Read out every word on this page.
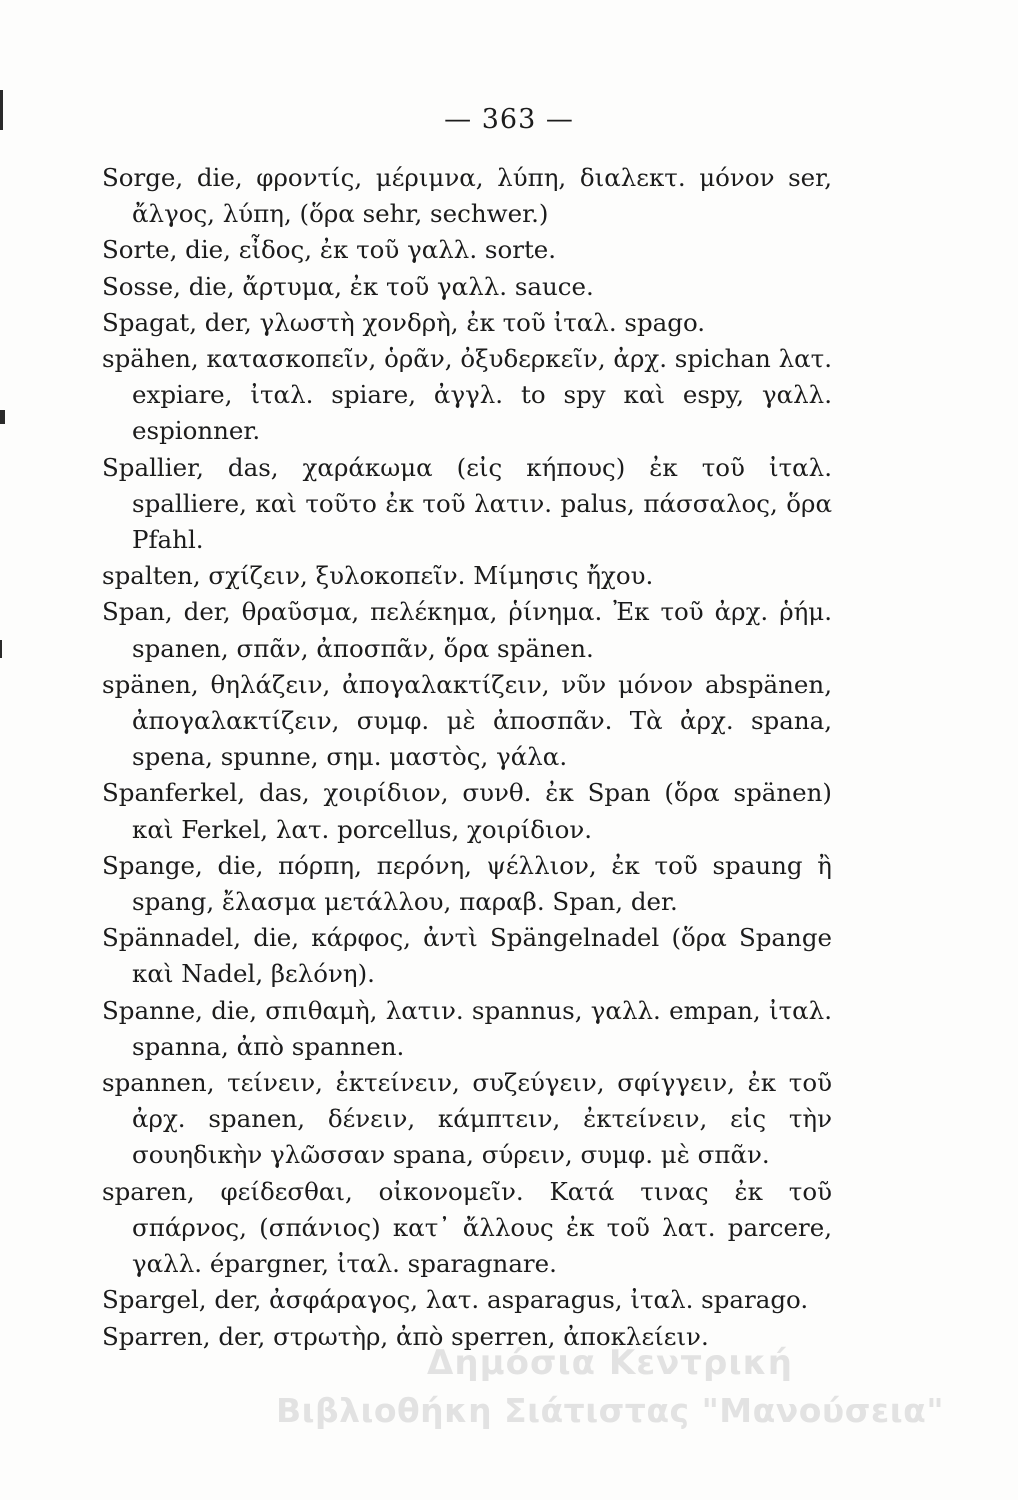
— 363 —

Sorge, die, φροντίς, μέριμνα, λύπη, διαλεκτ. μόνον ser, ἄλγος, λύπη, (ὅρα sehr, sechwer.)

Sorte, die, εἶδος, ἐκ τοῦ γαλλ. sorte.

Sosse, die, ἄρτυμα, ἐκ τοῦ γαλλ. sauce.

Spagat, der, γλωστὴ χονδρὴ, ἐκ τοῦ ἰταλ. spago.

spähen, κατασκοπεῖν, ὁρᾶν, ὀξυδερκεῖν, ἀρχ. spichan λατ. expiare, ἰταλ. spiare, ἀγγλ. to spy καὶ espy, γαλλ. espionner.

Spallier, das, χαράκωμα (εἰς κήπους) ἐκ τοῦ ἰταλ. spalliere, καὶ τοῦτο ἐκ τοῦ λατιν. palus, πάσσαλος, ὅρα Pfahl.

spalten, σχίζειν, ξυλοκοπεῖν. Μίμησις ἤχου.

Span, der, θραῦσμα, πελέκημα, ῥίνημα. Ἐκ τοῦ ἀρχ. ῥήμ. spanen, σπᾶν, ἀποσπᾶν, ὅρα spänen.

spänen, θηλάζειν, ἀπογαλακτίζειν, νῦν μόνον abspänen, ἀπογαλακτίζειν, συμφ. μὲ ἀποσπᾶν. Τὰ ἀρχ. spana, spena, spunne, σημ. μαστὸς, γάλα.

Spanferkel, das, χοιρίδιον, συνθ. ἐκ Span (ὅρα spänen) καὶ Ferkel, λατ. porcellus, χοιρίδιον.

Spange, die, πόρπη, περόνη, ψέλλιον, ἐκ τοῦ spaung ἢ spang, ἔλασμα μετάλλου, παραβ. Span, der.

Spännadel, die, κάρφος, ἀντὶ Spängelnadel (ὅρα Spange καὶ Nadel, βελόνη).

Spanne, die, σπιθαμὴ, λατιν. spannus, γαλλ. empan, ἰταλ. spanna, ἀπὸ spannen.

spannen, τείνειν, ἐκτείνειν, συζεύγειν, σφίγγειν, ἐκ τοῦ ἀρχ. spanen, δένειν, κάμπτειν, ἐκτείνειν, εἰς τὴν σουηδικὴν γλῶσσαν spana, σύρειν, συμφ. μὲ σπᾶν.

sparen, φείδεσθαι, οἰκονομεῖν. Κατά τινας ἐκ τοῦ σπάρνος, (σπάνιος) κατ᾽ ἄλλους ἐκ τοῦ λατ. parcere, γαλλ. épargner, ἰταλ. sparagnare.

Spargel, der, ἀσφάραγος, λατ. asparagus, ἰταλ. sparago.

Sparren, der, στρωτὴρ, ἀπὸ sperren, ἀποκλείειν.

Δημόσια Κεντρική
Βιβλιοθήκη Σιάτιστας "Μανούσεια"
